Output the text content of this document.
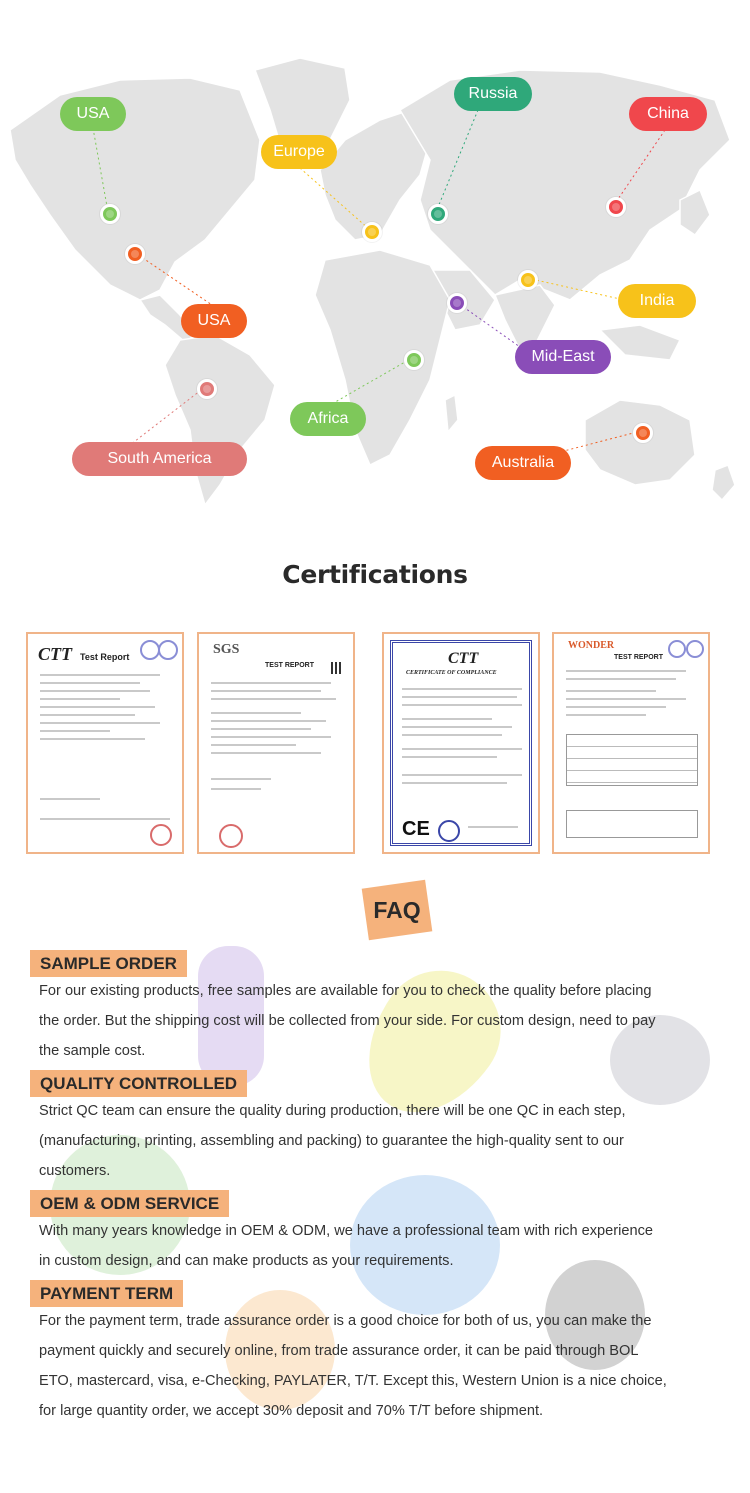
USA
Europe
Russia
China
USA
India
Mid-East
Africa
South America	Australia
Certifications
CTT Test Report	SGS
TEST REPORT	CTT
CERTIFICATE OF COMPLIANCE
CE
WONDER
TEST REPORT
FAQ
SAMPLE ORDER
For our existing products, free samples are available for you to check the quality before placing
the order. But the shipping cost will be collected from your side. For custom design, need to pay
the sample cost.
QUALITY CONTROLLED
Strict QC team can ensure the quality during production, there will be one QC in each step,
(manufacturing, printing, assembling and packing) to guarantee the high-quality sent to our
customers.
OEM & ODM SERVICE
With many years knowledge in OEM & ODM, we have a professional team with rich experience
in custom design, and can make products as your requirements.
PAYMENT TERM
For the payment term, trade assurance order is a good choice for both of us, you can make the
payment quickly and securely online, from trade assurance order, it can be paid through BOL
ETO, mastercard, visa, e-Checking, PAYLATER, T/T. Except this, Western Union is a nice choice,
for large quantity order, we accept 30% deposit and 70% T/T before shipment.
